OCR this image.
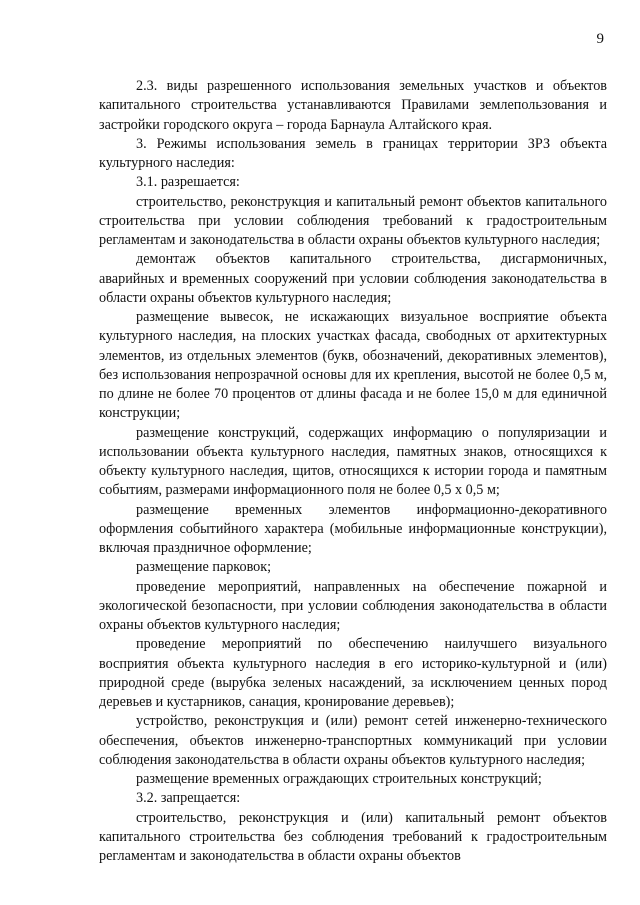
9

2.3. виды разрешенного использования земельных участков и объектов капитального строительства устанавливаются Правилами землепользования и застройки городского округа – города Барнаула Алтайского края.

3. Режимы использования земель в границах территории ЗРЗ объекта культурного наследия:

3.1. разрешается:

строительство, реконструкция и капитальный ремонт объектов капитального строительства при условии соблюдения требований к градостроительным регламентам и законодательства в области охраны объектов культурного наследия;

демонтаж объектов капитального строительства, дисгармоничных, аварийных и временных сооружений при условии соблюдения законодательства в области охраны объектов культурного наследия;

размещение вывесок, не искажающих визуальное восприятие объекта культурного наследия, на плоских участках фасада, свободных от архитектурных элементов, из отдельных элементов (букв, обозначений, декоративных элементов), без использования непрозрачной основы для их крепления, высотой не более 0,5 м, по длине не более 70 процентов от длины фасада и не более 15,0 м для единичной конструкции;

размещение конструкций, содержащих информацию о популяризации и использовании объекта культурного наследия, памятных знаков, относящихся к объекту культурного наследия, щитов, относящихся к истории города и памятным событиям, размерами информационного поля не более 0,5 х 0,5 м;

размещение временных элементов информационно-декоративного оформления событийного характера (мобильные информационные конструкции), включая праздничное оформление;

размещение парковок;

проведение мероприятий, направленных на обеспечение пожарной и экологической безопасности, при условии соблюдения законодательства в области охраны объектов культурного наследия;

проведение мероприятий по обеспечению наилучшего визуального восприятия объекта культурного наследия в его историко-культурной и (или) природной среде (вырубка зеленых насаждений, за исключением ценных пород деревьев и кустарников, санация, кронирование деревьев);

устройство, реконструкция и (или) ремонт сетей инженерно-технического обеспечения, объектов инженерно-транспортных коммуникаций при условии соблюдения законодательства в области охраны объектов культурного наследия;

размещение временных ограждающих строительных конструкций;

3.2. запрещается:

строительство, реконструкция и (или) капитальный ремонт объектов капитального строительства без соблюдения требований к градостроительным регламентам и законодательства в области охраны объектов
